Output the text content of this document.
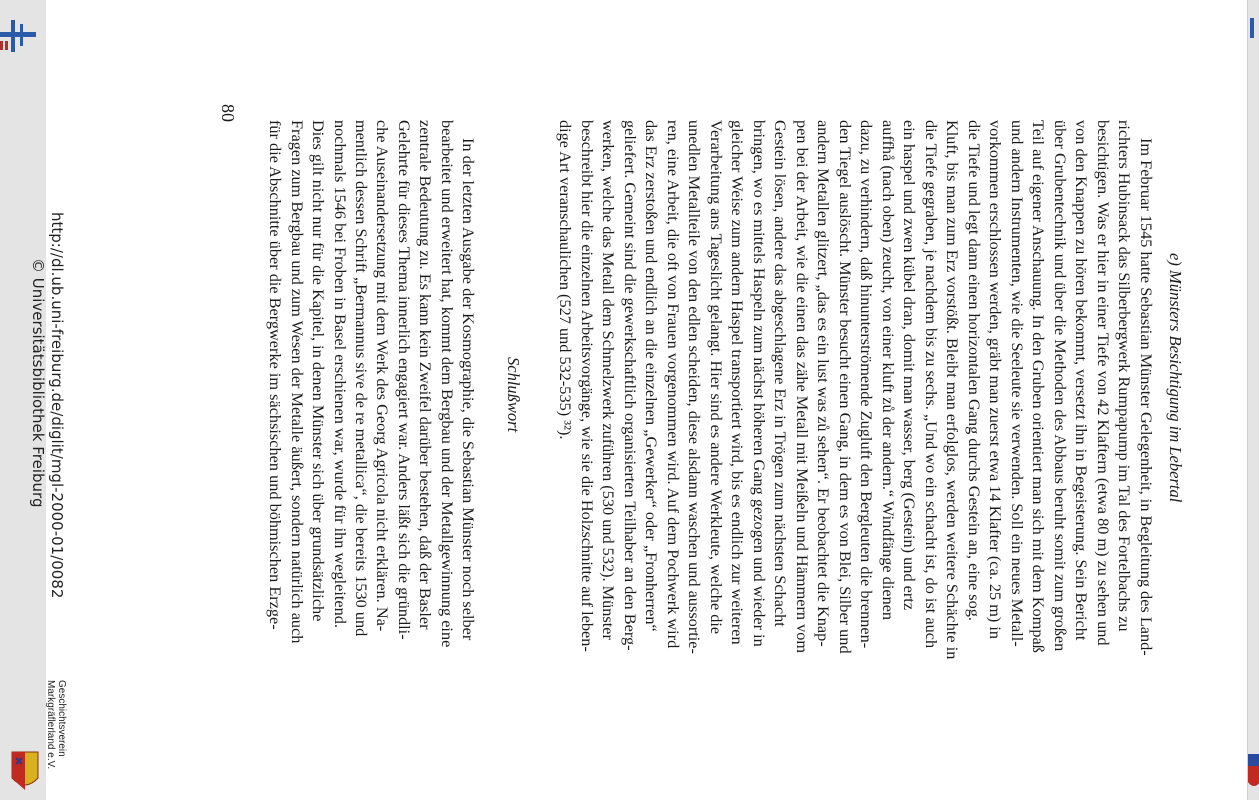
e) Münsters Besichtigung im Lebertal
Im Februar 1545 hatte Sebastian Münster Gelegenheit, in Begleitung des Land-
richters Hubinsack das Silberbergwerk Rumpapump im Tal des Fortelbachs zu
besichtigen. Was er hier in einer Tiefe von 42 Klaftern (etwa 80 m) zu sehen und
von den Knappen zu hören bekommt, versetzt ihn in Begeisterung. Sein Bericht
über Grubentechnik und über die Methoden des Abbaus beruht somit zum großen
Teil auf eigener Anschauung. In den Gruben orientiert man sich mit dem Kompaß
und andern Instrumenten, wie die Seeleute sie verwenden. Soll ein neues Metall-
vorkommen erschlossen werden, gräbt man zuerst etwa 14 Klafter (ca. 25 m) in
die Tiefe und legt dann einen horizontalen Gang durchs Gestein an, eine sog.
Kluft, bis man zum Erz vorstößt. Bleibt man erfolglos, werden weitere Schächte in
die Tiefe gegraben, je nachdem bis zu sechs. „Und wo ein schacht ist, do ist auch
ein haspel und zwen kübel dran, domit man wasser, berg (Gestein) und ertz
auffhå (nach oben) zeucht, von einer kluft zů der andern.“ Windfänge dienen
dazu, zu verhindern, daß hinunterströmende Zugluft den Bergleuten die brennen-
den Tiegel auslöscht. Münster besucht einen Gang, in dem es von Blei, Silber und
andern Metallen glitzert, „das es ein lust was zů sehen“. Er beobachtet die Knap-
pen bei der Arbeit, wie die einen das zähe Metall mit Meißeln und Hämmern vom
Gestein lösen, andere das abgeschlagene Erz in Trögen zum nächsten Schacht
bringen, wo es mittels Haspeln zum nächst höheren Gang gezogen und wieder in
gleicher Weise zum andern Haspel transportiert wird, bis es endlich zur weiteren
Verarbeitung ans Tageslicht gelangt. Hier sind es andere Werkleute, welche die
unedlen Metallteile von den edlen scheiden, diese alsdann waschen und aussortie-
ren, eine Arbeit, die oft von Frauen vorgenommen wird. Auf dem Pochwerk wird
das Erz zerstoßen und endlich an die einzelnen „Gewerker“ oder „Fronherren“
geliefert. Gemeint sind die gewerkschaftlich organisierten Teilhaber an den Berg-
werken, welche das Metall dem Schmelzwerk zuführen (530 und 532). Münster
beschreibt hier die einzelnen Arbeitsvorgänge, wie sie die Holzschnitte auf leben-
dige Art veranschaulichen (527 und 532-535) ³²).
Schlußwort
In der letzten Ausgabe der Kosmographie, die Sebastian Münster noch selber
bearbeitet und erweitert hat, kommt dem Bergbau und der Metallgewinnung eine
zentrale Bedeutung zu. Es kann kein Zweifel darüber bestehen, daß der Basler
Gelehrte für dieses Thema innerlich engagiert war. Anders läßt sich die gründli-
che Auseinandersetzung mit dem Werk des Georg Agricola nicht erklären. Na-
mentlich dessen Schrift „Bermannus sive de re metallica“, die bereits 1530 und
nochmals 1546 bei Froben in Basel erschienen war, wurde für ihn wegleitend.
Dies gilt nicht nur für die Kapitel, in denen Münster sich über grundsätzliche
Fragen zum Bergbau und zum Wesen der Metalle äußert, sondern natürlich auch
für die Abschnitte über die Bergwerke im sächsischen und böhmischen Erzge-
80
http://dl.ub.uni-freiburg.de/diglit/mgl-2000-01/0082
© Universitätsbibliothek Freiburg
Geschichtsverein
Markgräflerland e.V.
